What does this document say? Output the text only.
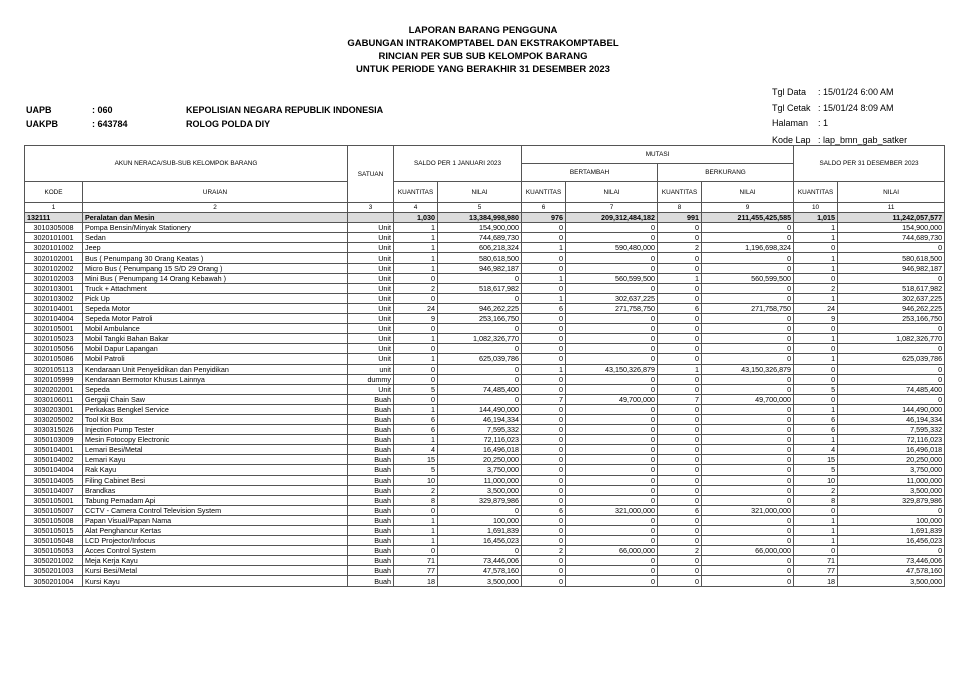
LAPORAN BARANG PENGGUNA
GABUNGAN INTRAKOMPTABEL DAN EKSTRAKOMPTABEL
RINCIAN PER SUB SUB KELOMPOK BARANG
UNTUK PERIODE YANG BERAKHIR 31 DESEMBER 2023
UAPB	: 060	KEPOLISIAN NEGARA REPUBLIK INDONESIA
UAKPB	: 643784	ROLOG POLDA DIY
Tgl Data : 15/01/24 6:00 AM
Tgl Cetak : 15/01/24 8:09 AM
Halaman : 1
Kode Lap : lap_bmn_gab_satker
AKUN NERACA/SUB-SUB KELOMPOK BARANG		SATUAN	SALDO PER 1 JANUARI 2023		MUTASI				SALDO PER 31 DESEMBER 2023	
					BERTAMBAH		BERKURANG			
KODE	URAIAN		KUANTITAS	NILAI	KUANTITAS	NILAI	KUANTITAS	NILAI	KUANTITAS	NILAI
1	2	3	4	5	6	7	8	9	10	11
132111	Peralatan dan Mesin		1,030	13,384,998,980	976	209,312,484,182	991	211,455,425,585	1,015	11,242,057,577
3010305008	Pompa Bensin/Minyak Stationery	Unit	1	154,900,000	0	0	0	0	1	154,900,000
3020101001	Sedan	Unit	1	744,689,730	0	0	0	0	1	744,689,730
3020101002	Jeep	Unit	1	606,218,324	1	590,480,000	2	1,196,698,324	0	0
3020102001	Bus ( Penumpang 30 Orang Keatas )	Unit	1	580,618,500	0	0	0	0	1	580,618,500
3020102002	Micro Bus ( Penumpang 15 S/D 29 Orang )	Unit	1	946,982,187	0	0	0	0	1	946,982,187
3020102003	Mini Bus ( Penumpang 14 Orang Kebawah )	Unit	0	0	1	560,599,500	1	560,599,500	0	0
3020103001	Truck + Attachment	Unit	2	518,617,982	0	0	0	0	2	518,617,982
3020103002	Pick Up	Unit	0	0	1	302,637,225	0	0	1	302,637,225
3020104001	Sepeda Motor	Unit	24	946,262,225	6	271,758,750	6	271,758,750	24	946,262,225
3020104004	Sepeda Motor Patroli	Unit	9	253,166,750	0	0	0	0	9	253,166,750
3020105001	Mobil Ambulance	Unit	0	0	0	0	0	0	0	0
3020105023	Mobil Tangki Bahan Bakar	Unit	1	1,082,326,770	0	0	0	0	1	1,082,326,770
3020105056	Mobil Dapur Lapangan	Unit	0	0	0	0	0	0	0	0
3020105086	Mobil Patroli	Unit	1	625,039,786	0	0	0	0	1	625,039,786
3020105113	Kendaraan Unit Penyelidikan dan Penyidikan	unit	0	0	1	43,150,326,879	1	43,150,326,879	0	0
3020105999	Kendaraan Bermotor Khusus Lainnya	dummy	0	0	0	0	0	0	0	0
3020202001	Sepeda	Unit	5	74,485,400	0	0	0	0	5	74,485,400
3030106011	Gergaji Chain Saw	Buah	0	0	7	49,700,000	7	49,700,000	0	0
3030203001	Perkakas Bengkel Service	Buah	1	144,490,000	0	0	0	0	1	144,490,000
3030205002	Tool Kit Box	Buah	6	46,194,334	0	0	0	0	6	46,194,334
3030315026	Injection Pump Tester	Buah	6	7,595,332	0	0	0	0	6	7,595,332
3050103009	Mesin Fotocopy Electronic	Buah	1	72,116,023	0	0	0	0	1	72,116,023
3050104001	Lemari Besi/Metal	Buah	4	16,496,018	0	0	0	0	4	16,496,018
3050104002	Lemari Kayu	Buah	15	20,250,000	0	0	0	0	15	20,250,000
3050104004	Rak Kayu	Buah	5	3,750,000	0	0	0	0	5	3,750,000
3050104005	Filing Cabinet Besi	Buah	10	11,000,000	0	0	0	0	10	11,000,000
3050104007	Brandkas	Buah	2	3,500,000	0	0	0	0	2	3,500,000
3050105001	Tabung Pemadam Api	Buah	8	329,879,986	0	0	0	0	8	329,879,986
3050105007	CCTV - Camera Control Television System	Buah	0	0	6	321,000,000	6	321,000,000	0	0
3050105008	Papan Visual/Papan Nama	Buah	1	100,000	0	0	0	0	1	100,000
3050105015	Alat Penghancur Kertas	Buah	1	1,691,839	0	0	0	0	1	1,691,839
3050105048	LCD Projector/Infocus	Buah	1	16,456,023	0	0	0	0	1	16,456,023
3050105053	Acces Control System	Buah	0	0	2	66,000,000	2	66,000,000	0	0
3050201002	Meja Kerja Kayu	Buah	71	73,446,006	0	0	0	0	71	73,446,006
3050201003	Kursi Besi/Metal	Buah	77	47,578,160	0	0	0	0	77	47,578,160
3050201004	Kursi Kayu	Buah	18	3,500,000	0	0	0	0	18	3,500,000
